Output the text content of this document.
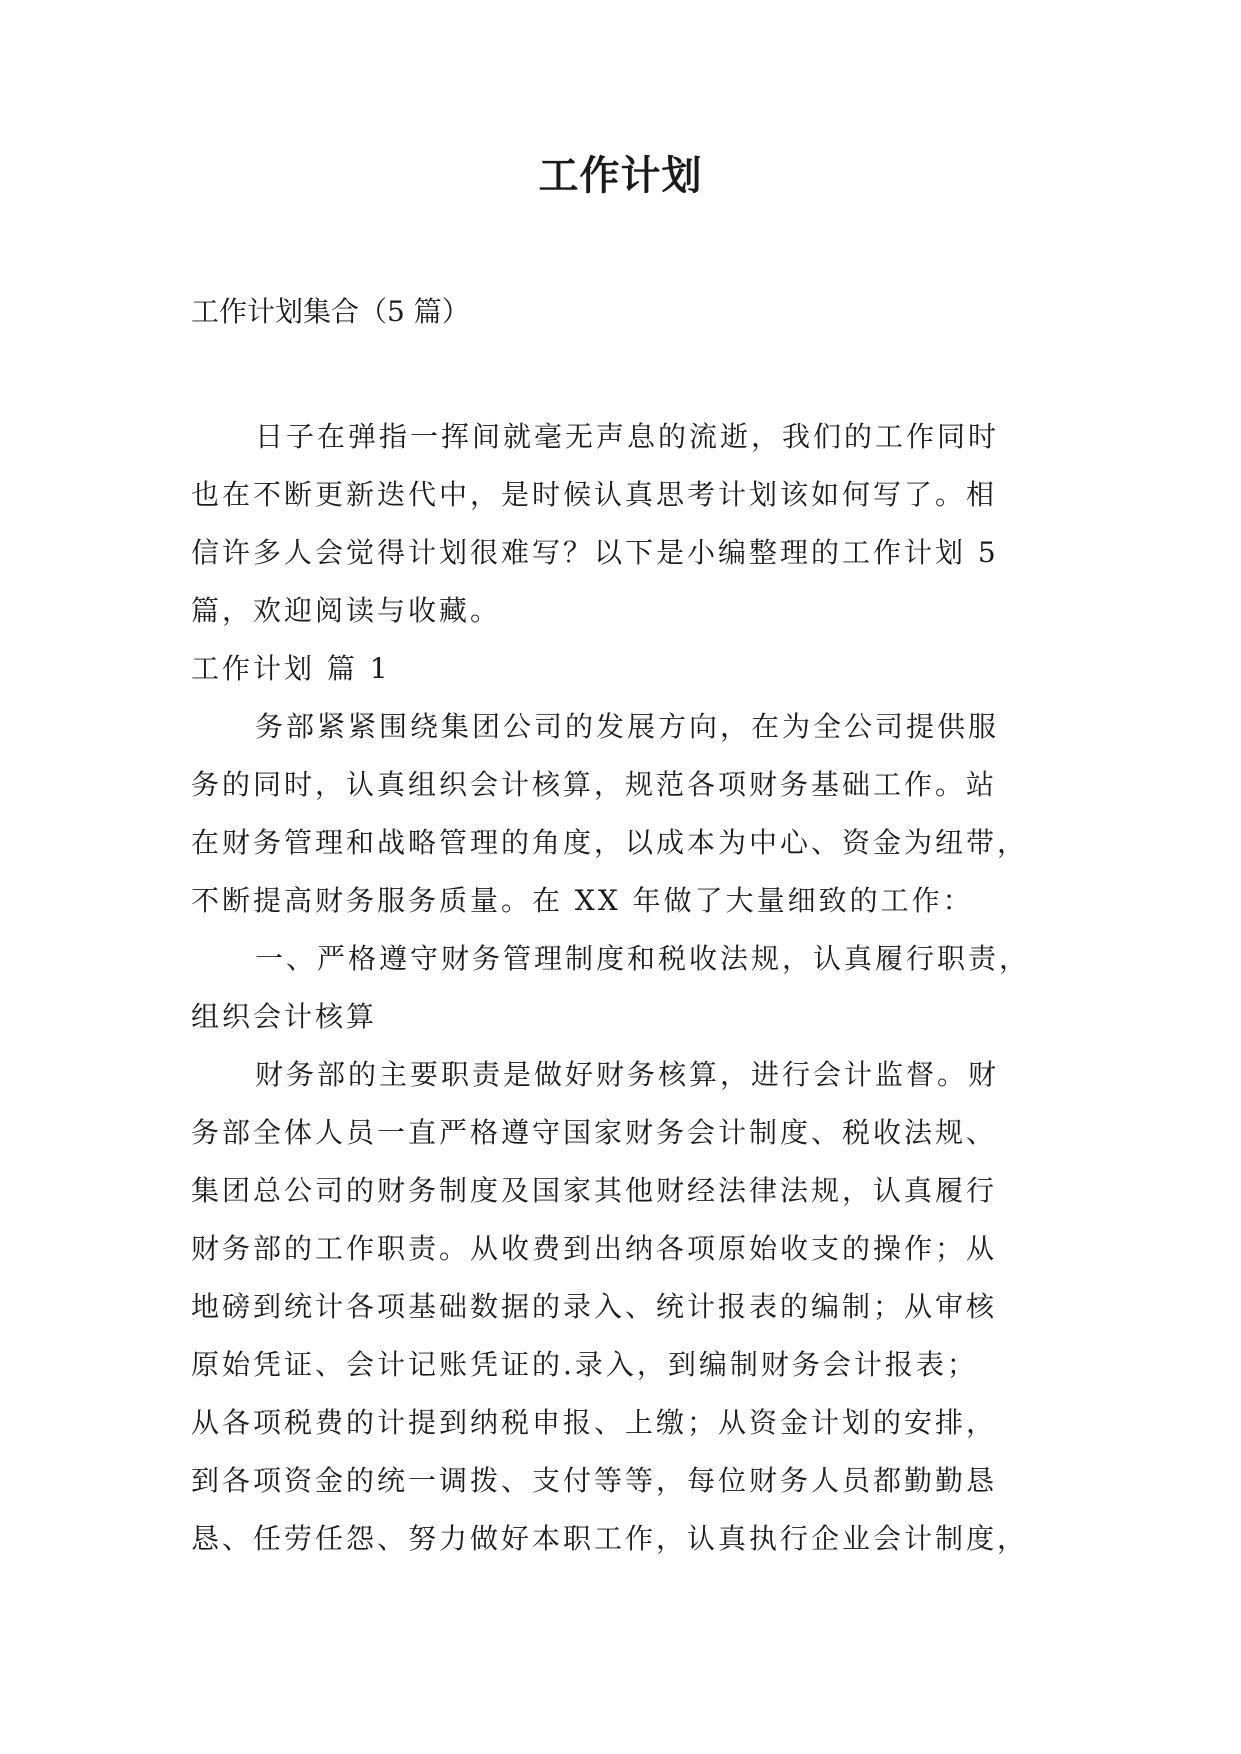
工作计划

工作计划集合（5 篇）

日子在弹指一挥间就毫无声息的流逝，我们的工作同时
也在不断更新迭代中，是时候认真思考计划该如何写了。相
信许多人会觉得计划很难写？以下是小编整理的工作计划 5
篇，欢迎阅读与收藏。
工作计划 篇 1
务部紧紧围绕集团公司的发展方向，在为全公司提供服
务的同时，认真组织会计核算，规范各项财务基础工作。站
在财务管理和战略管理的角度，以成本为中心、资金为纽带，
不断提高财务服务质量。在 XX 年做了大量细致的工作：
一、严格遵守财务管理制度和税收法规，认真履行职责，
组织会计核算
财务部的主要职责是做好财务核算，进行会计监督。财
务部全体人员一直严格遵守国家财务会计制度、税收法规、
集团总公司的财务制度及国家其他财经法律法规，认真履行
财务部的工作职责。从收费到出纳各项原始收支的操作；从
地磅到统计各项基础数据的录入、统计报表的编制；从审核
原始凭证、会计记账凭证的.录入，到编制财务会计报表；
从各项税费的计提到纳税申报、上缴；从资金计划的安排，
到各项资金的统一调拨、支付等等，每位财务人员都勤勤恳
恳、任劳任怨、努力做好本职工作，认真执行企业会计制度，
